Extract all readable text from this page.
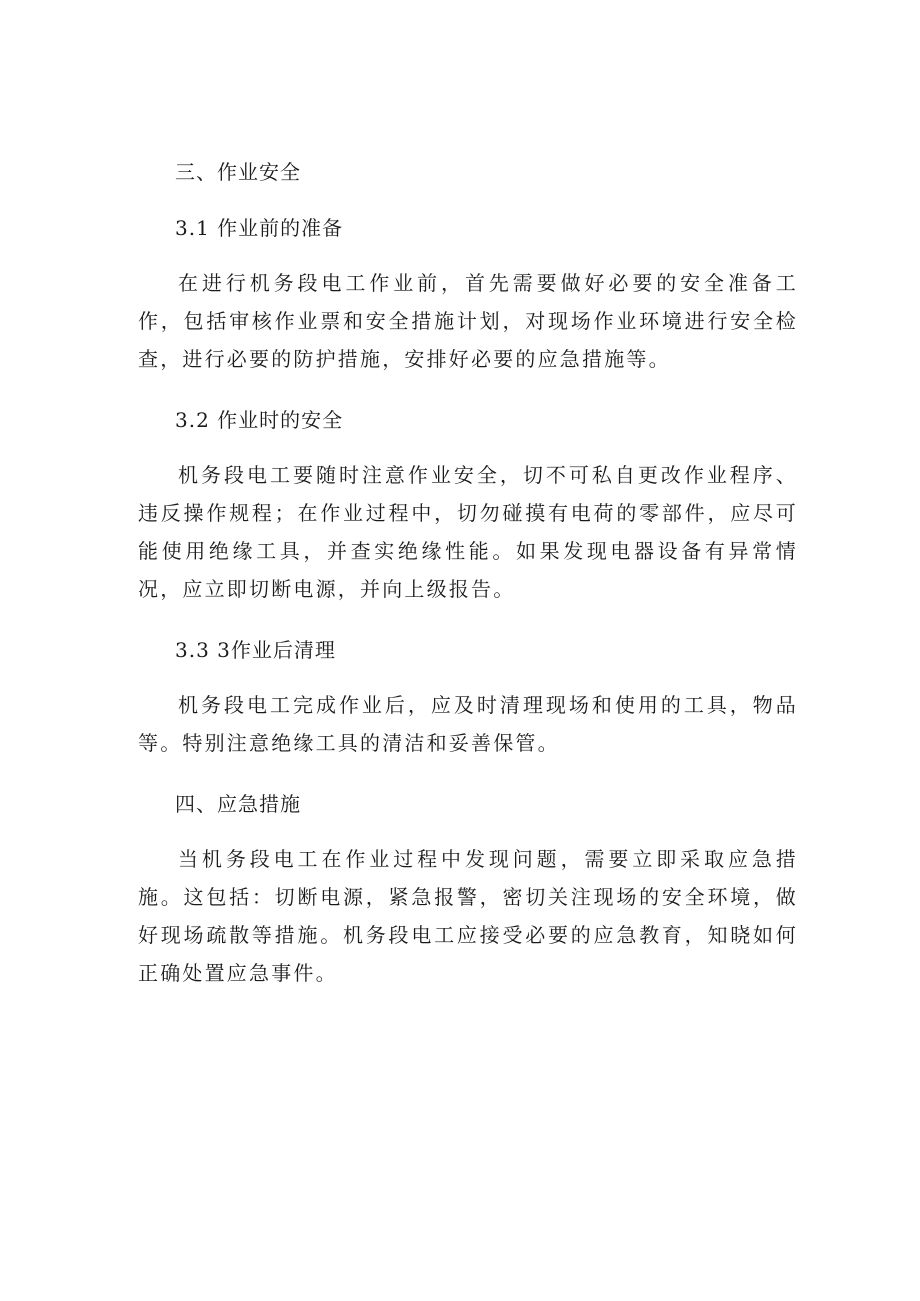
三、作业安全
3.1 作业前的准备

在进行机务段电工作业前，首先需要做好必要的安全准备工作，包括审核作业票和安全措施计划，对现场作业环境进行安全检查，进行必要的防护措施，安排好必要的应急措施等。

3.2 作业时的安全

机务段电工要随时注意作业安全，切不可私自更改作业程序、违反操作规程；在作业过程中，切勿碰摸有电荷的零部件，应尽可能使用绝缘工具，并查实绝缘性能。如果发现电器设备有异常情况，应立即切断电源，并向上级报告。

3.3 3作业后清理

机务段电工完成作业后，应及时清理现场和使用的工具，物品等。特别注意绝缘工具的清洁和妥善保管。

四、应急措施

当机务段电工在作业过程中发现问题，需要立即采取应急措施。这包括：切断电源，紧急报警，密切关注现场的安全环境，做好现场疏散等措施。机务段电工应接受必要的应急教育，知晓如何正确处置应急事件。
